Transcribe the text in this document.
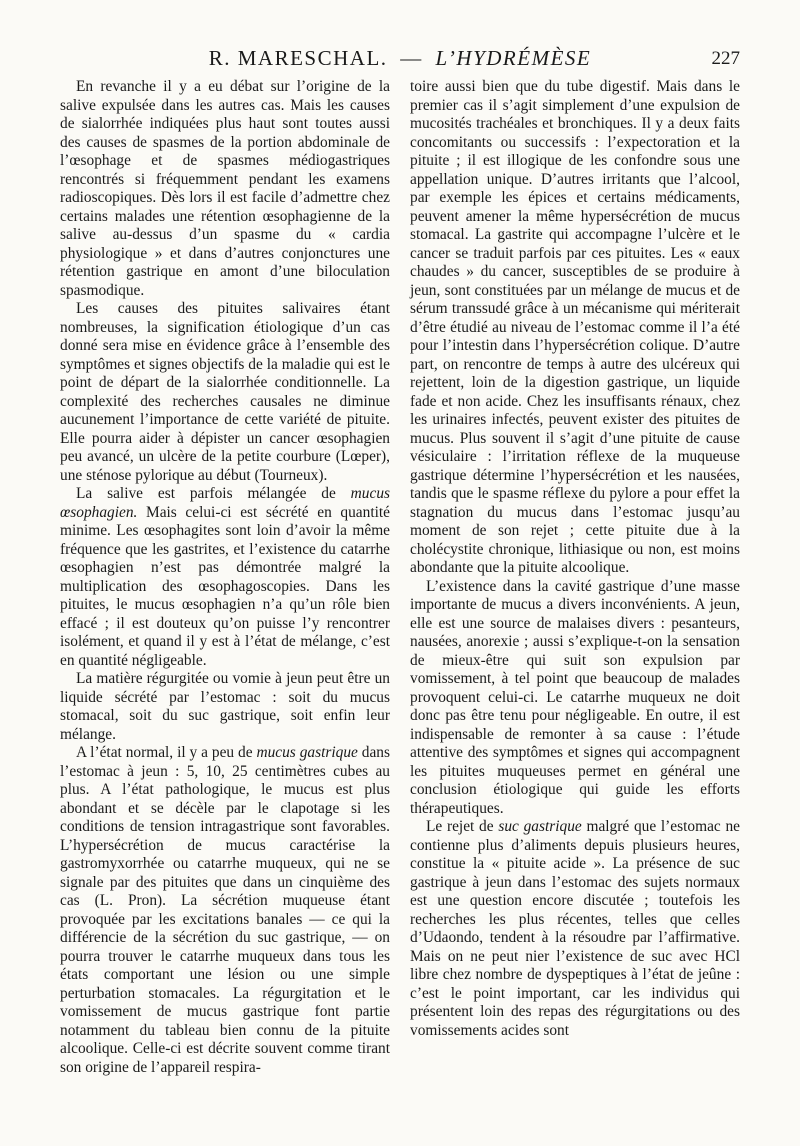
R. MARESCHAL. — L’HYDRÉMÈSE	227

En revanche il y a eu débat sur l’origine de la salive expulsée dans les autres cas. Mais les causes de sialorrhée indiquées plus haut sont toutes aussi des causes de spasmes de la portion abdominale de l’œsophage et de spasmes médiogastriques rencontrés si fréquemment pendant les examens radioscopiques. Dès lors il est facile d’admettre chez certains malades une rétention œsophagienne de la salive au-dessus d’un spasme du « cardia physiologique » et dans d’autres conjonctures une rétention gastrique en amont d’une biloculation spasmodique.

Les causes des pituites salivaires étant nombreuses, la signification étiologique d’un cas donné sera mise en évidence grâce à l’ensemble des symptômes et signes objectifs de la maladie qui est le point de départ de la sialorrhée conditionnelle. La complexité des recherches causales ne diminue aucunement l’importance de cette variété de pituite. Elle pourra aider à dépister un cancer œsophagien peu avancé, un ulcère de la petite courbure (Lœper), une sténose pylorique au début (Tourneux).

La salive est parfois mélangée de mucus œsophagien. Mais celui-ci est sécrété en quantité minime. Les œsophagites sont loin d’avoir la même fréquence que les gastrites, et l’existence du catarrhe œsophagien n’est pas démontrée malgré la multiplication des œsophagoscopies. Dans les pituites, le mucus œsophagien n’a qu’un rôle bien effacé ; il est douteux qu’on puisse l’y rencontrer isolément, et quand il y est à l’état de mélange, c’est en quantité négligeable.

La matière régurgitée ou vomie à jeun peut être un liquide sécrété par l’estomac : soit du mucus stomacal, soit du suc gastrique, soit enfin leur mélange.

A l’état normal, il y a peu de mucus gastrique dans l’estomac à jeun : 5, 10, 25 centimètres cubes au plus. A l’état pathologique, le mucus est plus abondant et se décèle par le clapotage si les conditions de tension intragastrique sont favorables. L’hypersécrétion de mucus caractérise la gastromyxorrhée ou catarrhe muqueux, qui ne se signale par des pituites que dans un cinquième des cas (L. Pron). La sécrétion muqueuse étant provoquée par les excitations banales — ce qui la différencie de la sécrétion du suc gastrique, — on pourra trouver le catarrhe muqueux dans tous les états comportant une lésion ou une simple perturbation stomacales. La régurgitation et le vomissement de mucus gastrique font partie notamment du tableau bien connu de la pituite alcoolique. Celle-ci est décrite souvent comme tirant son origine de l’appareil respira-

toire aussi bien que du tube digestif. Mais dans le premier cas il s’agit simplement d’une expulsion de mucosités trachéales et bronchiques. Il y a deux faits concomitants ou successifs : l’expectoration et la pituite ; il est illogique de les confondre sous une appellation unique. D’autres irritants que l’alcool, par exemple les épices et certains médicaments, peuvent amener la même hypersécrétion de mucus stomacal. La gastrite qui accompagne l’ulcère et le cancer se traduit parfois par ces pituites. Les « eaux chaudes » du cancer, susceptibles de se produire à jeun, sont constituées par un mélange de mucus et de sérum transsudé grâce à un mécanisme qui mériterait d’être étudié au niveau de l’estomac comme il l’a été pour l’intestin dans l’hypersécrétion colique. D’autre part, on rencontre de temps à autre des ulcéreux qui rejettent, loin de la digestion gastrique, un liquide fade et non acide. Chez les insuffisants rénaux, chez les urinaires infectés, peuvent exister des pituites de mucus. Plus souvent il s’agit d’une pituite de cause vésiculaire : l’irritation réflexe de la muqueuse gastrique détermine l’hypersécrétion et les nausées, tandis que le spasme réflexe du pylore a pour effet la stagnation du mucus dans l’estomac jusqu’au moment de son rejet ; cette pituite due à la cholécystite chronique, lithiasique ou non, est moins abondante que la pituite alcoolique.

L’existence dans la cavité gastrique d’une masse importante de mucus a divers inconvénients. A jeun, elle est une source de malaises divers : pesanteurs, nausées, anorexie ; aussi s’explique-t-on la sensation de mieux-être qui suit son expulsion par vomissement, à tel point que beaucoup de malades provoquent celui-ci. Le catarrhe muqueux ne doit donc pas être tenu pour négligeable. En outre, il est indispensable de remonter à sa cause : l’étude attentive des symptômes et signes qui accompagnent les pituites muqueuses permet en général une conclusion étiologique qui guide les efforts thérapeutiques.

Le rejet de suc gastrique malgré que l’estomac ne contienne plus d’aliments depuis plusieurs heures, constitue la « pituite acide ». La présence de suc gastrique à jeun dans l’estomac des sujets normaux est une question encore discutée ; toutefois les recherches les plus récentes, telles que celles d’Udaondo, tendent à la résoudre par l’affirmative. Mais on ne peut nier l’existence de suc avec HCl libre chez nombre de dyspeptiques à l’état de jeûne : c’est le point important, car les individus qui présentent loin des repas des régurgitations ou des vomissements acides sont
